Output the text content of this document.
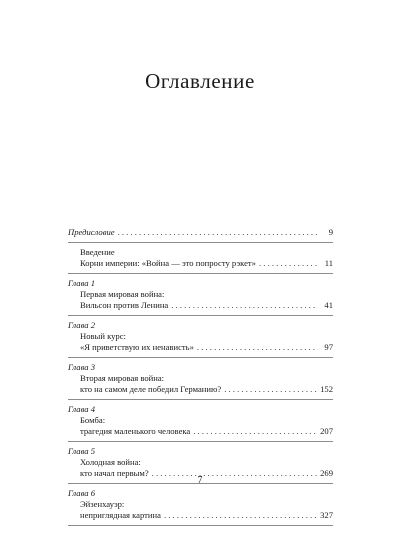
Оглавление
Предисловие . . .	9
Введение
Корни империи: «Война — это попросту рэкет» . . .	11
Глава 1
Первая мировая война:
Вильсон против Ленина . . .	41
Глава 2
Новый курс:
«Я приветствую их ненависть» . . .	97
Глава 3
Вторая мировая война:
кто на самом деле победил Германию? . . .	152
Глава 4
Бомба:
трагедия маленького человека . . .	207
Глава 5
Холодная война:
кто начал первым? . . .	269
Глава 6
Эйзенхауэр:
неприглядная картина . . .	327
7
